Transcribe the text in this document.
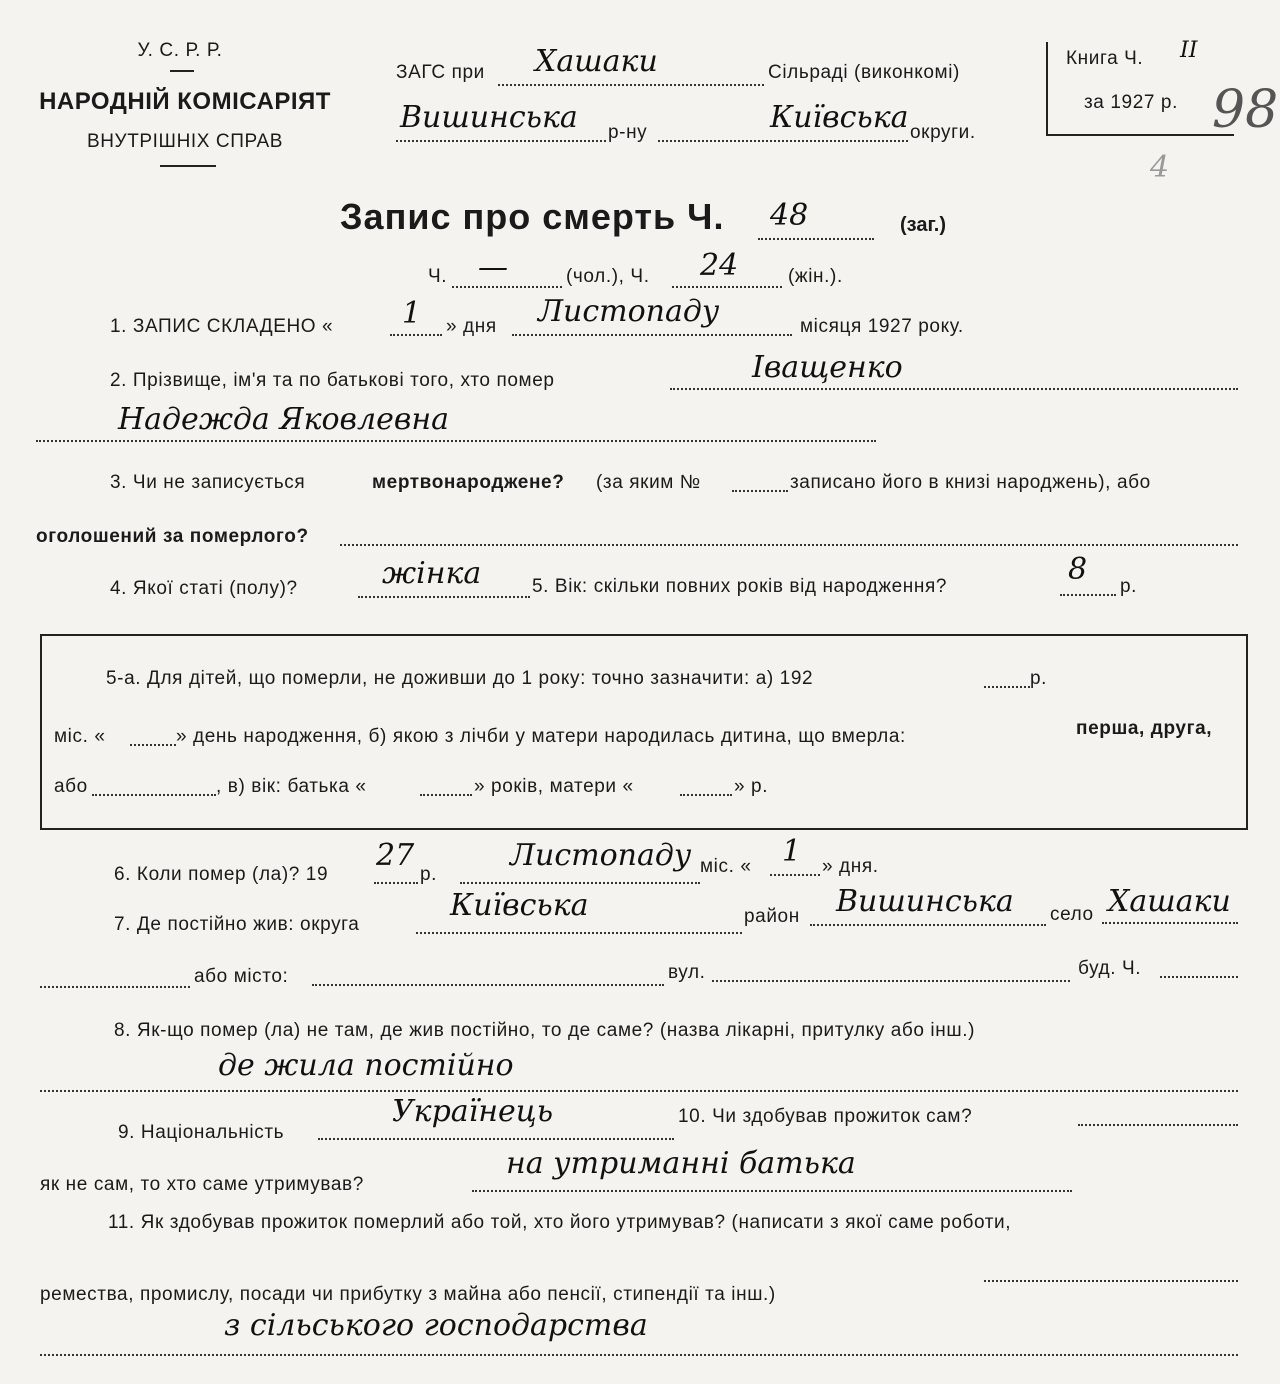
У. С. Р. Р.
НАРОДНІЙ КОМІСАРІЯТ
ВНУТРІШНІХ СПРАВ
ЗАГС при Хашаки	Сільраді (виконкомі)
Вишинська р-ну	Київська округи.
Книга Ч. II
за 1927 р. 98
4
Запис про смерть Ч. 48	(заг.)
Ч. —	(чол.), Ч. 24	(жін.).
1. ЗАПИС СКЛАДЕНО « 1 » дня Листопаду	місяця 1927 року.
2. Прізвище, ім'я та по батькові того, хто помер	Іващенко
Надежда Яковлевна
3. Чи не записується	мертвонароджене? (за яким №	записано його в книзі народжень), або
оголошений за померлого?
4. Якої статі (полу)?	жінка	5. Вік: скільки повних років від народження?	8 р.
5-а. Для дітей, що померли, не доживши до 1 року: точно зазначити: а) 192	р.
міс. «	» день народження, б) якою з лічби у матери народилась дитина, що вмерла:	перша, друга,
або	, в) вік: батька «	» років, матери «	» р.
6. Коли помер (ла)? 19
27
р.
Листопаду міс. « 1 » дня.
7. Де постійно жив: округа
Київська	район Вишинська село Хашаки
або місто:	вул.	буд. Ч.
8. Як-що помер (ла) не там, де жив постійно, то де саме? (назва лікарні, притулку або інш.)
де жила постійно
9. Національність
Українець	10. Чи здобував прожиток сам?
як не сам, то хто саме утримував?
на утриманні батька
11. Як здобував прожиток померлий або той, хто його утримував? (написати з якої саме роботи,
ремества, промислу, посади чи прибутку з майна або пенсії, стипендії та інш.)
з сільського господарства
